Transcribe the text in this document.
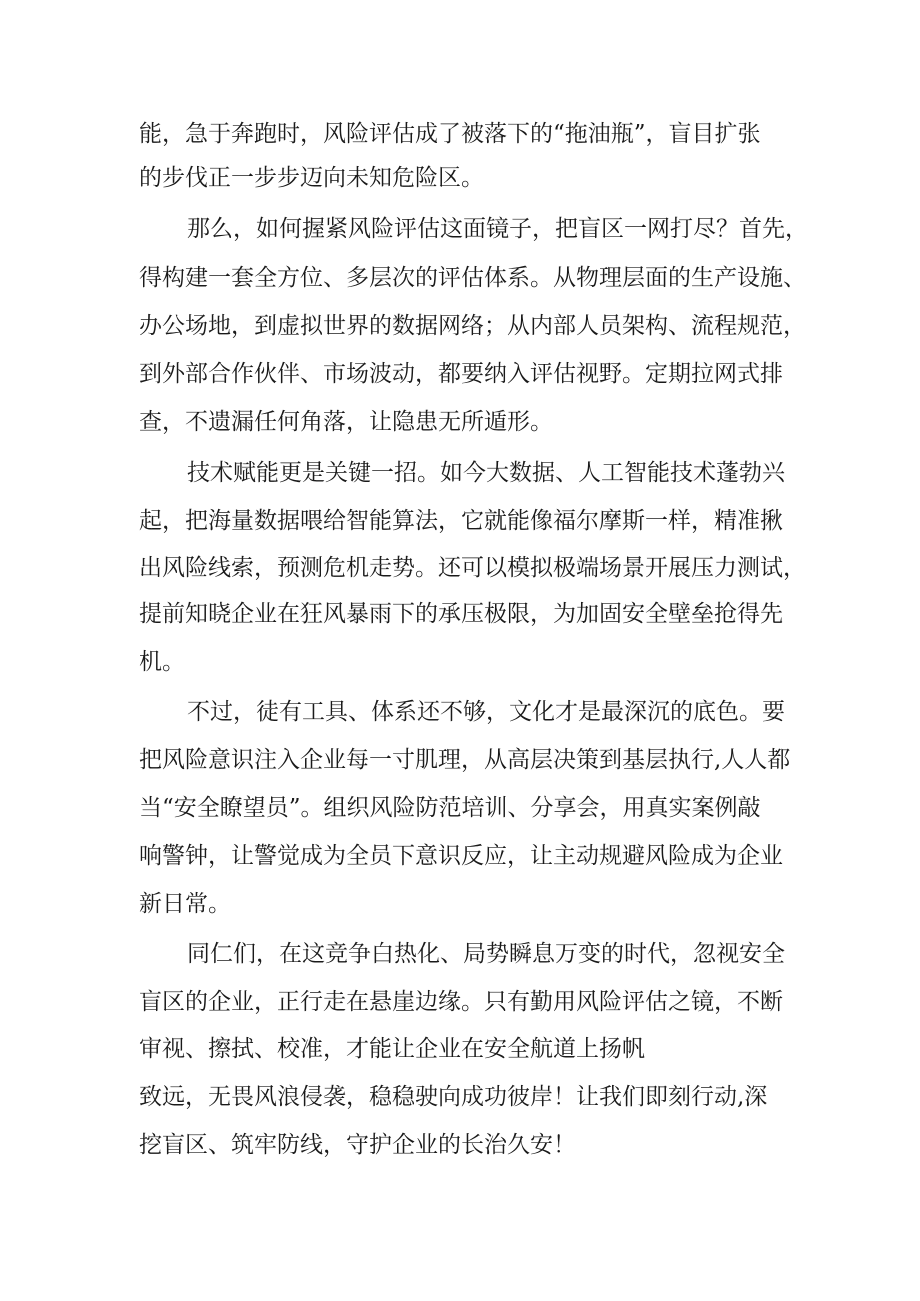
能，急于奔跑时，风险评估成了被落下的“拖油瓶”，盲目扩张
的步伐正一步步迈向未知危险区。
那么，如何握紧风险评估这面镜子，把盲区一网打尽？首先，
得构建一套全方位、多层次的评估体系。从物理层面的生产设施、
办公场地，到虚拟世界的数据网络；从内部人员架构、流程规范，
到外部合作伙伴、市场波动，都要纳入评估视野。定期拉网式排
查，不遗漏任何角落，让隐患无所遁形。
技术赋能更是关键一招。如今大数据、人工智能技术蓬勃兴
起，把海量数据喂给智能算法，它就能像福尔摩斯一样，精准揪
出风险线索，预测危机走势。还可以模拟极端场景开展压力测试，
提前知晓企业在狂风暴雨下的承压极限，为加固安全壁垒抢得先
机。
不过，徒有工具、体系还不够，文化才是最深沉的底色。要
把风险意识注入企业每一寸肌理，从高层决策到基层执行,人人都
当“安全瞭望员”。组织风险防范培训、分享会，用真实案例敲
响警钟，让警觉成为全员下意识反应，让主动规避风险成为企业
新日常。
同仁们，在这竞争白热化、局势瞬息万变的时代，忽视安全
盲区的企业，正行走在悬崖边缘。只有勤用风险评估之镜，不断
审视、擦拭、校准，才能让企业在安全航道上扬帆
致远，无畏风浪侵袭，稳稳驶向成功彼岸！让我们即刻行动,深
挖盲区、筑牢防线，守护企业的长治久安！
